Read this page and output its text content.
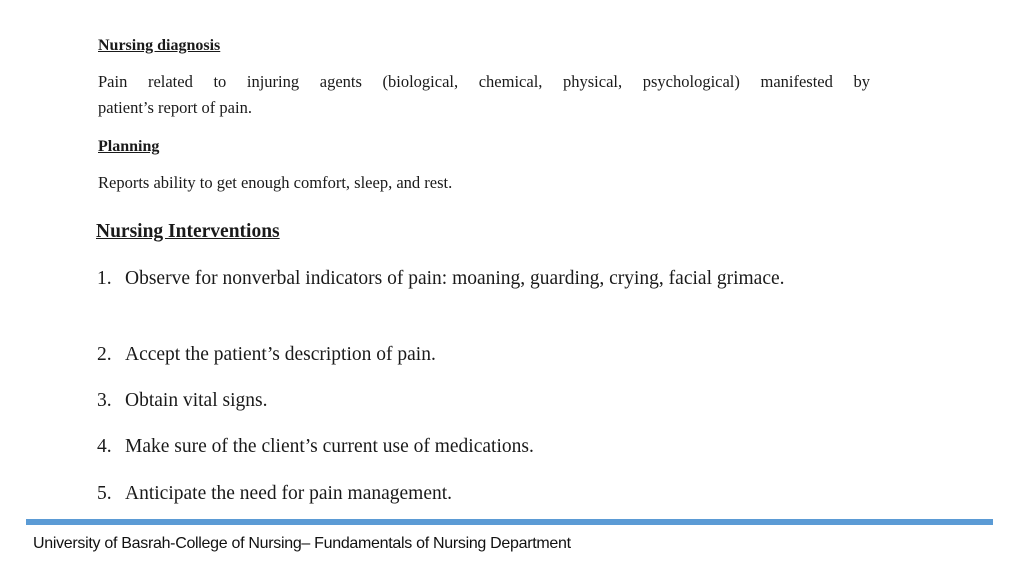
Nursing diagnosis
Pain related to injuring agents (biological, chemical, physical, psychological) manifested by
patient’s report of pain.
Planning
Reports ability to get enough comfort, sleep, and rest.
Nursing Interventions
1. Observe for nonverbal indicators of pain: moaning, guarding, crying, facial grimace.
2. Accept the patient’s description of pain.
3. Obtain vital signs.
4. Make sure of the client’s current use of medications.
5. Anticipate the need for pain management.
University of Basrah-College of Nursing– Fundamentals of Nursing Department
